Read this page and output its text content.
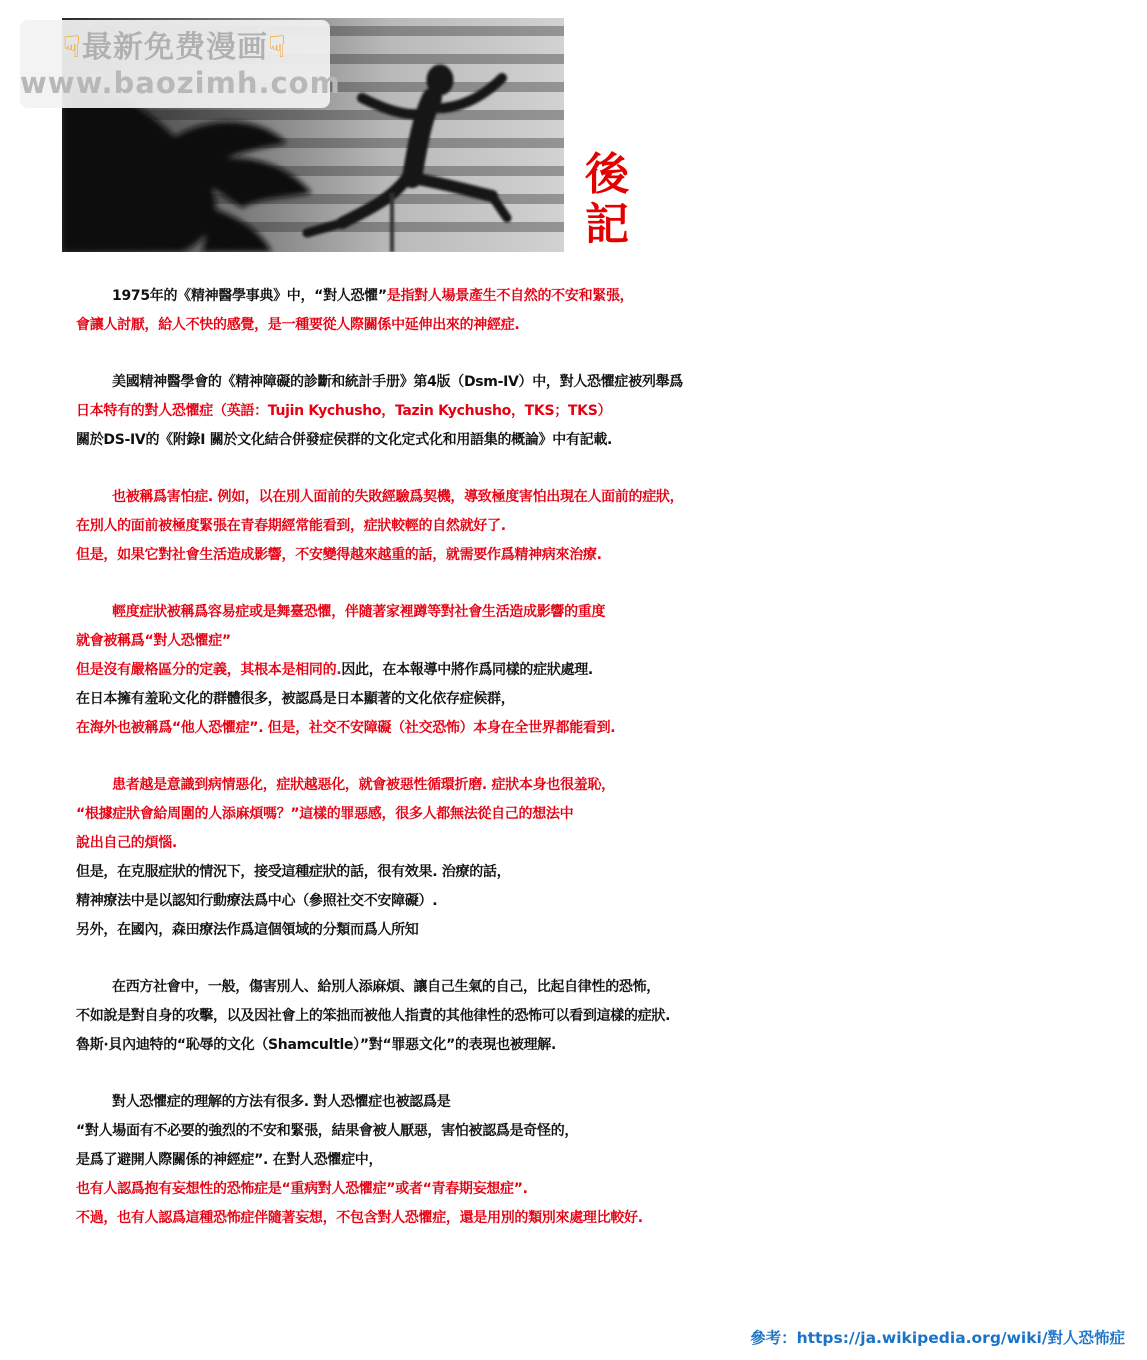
☟最新免费漫画☟
www.baozimh.com
後
記
1975年的《精神醫學事典》中，“對人恐懼”是指對人場景產生不自然的不安和緊張，
會讓人討厭，給人不快的感覺，是一種要從人際關係中延伸出來的神經症.
美國精神醫學會的《精神障礙的診斷和統計手册》第4版（Dsm-IV）中，對人恐懼症被列舉爲
日本特有的對人恐懼症（英語：Tujin Kychusho，Tazin Kychusho，TKS；TKS）
關於DS-IV的《附錄I 關於文化結合併發症侯群的文化定式化和用語集的概論》中有記載.
也被稱爲害怕症. 例如，以在別人面前的失敗經驗爲契機，導致極度害怕出現在人面前的症狀，
在別人的面前被極度緊張在青春期經常能看到，症狀較輕的自然就好了.
但是，如果它對社會生活造成影響，不安變得越來越重的話，就需要作爲精神病來治療.
輕度症狀被稱爲容易症或是舞臺恐懼，伴隨著家裡蹲等對社會生活造成影響的重度
就會被稱爲“對人恐懼症”
但是沒有嚴格區分的定義，其根本是相同的.因此，在本報導中將作爲同樣的症狀處理.
在日本擁有羞恥文化的群體很多，被認爲是日本顯著的文化依存症候群，
在海外也被稱爲“他人恐懼症”. 但是，社交不安障礙（社交恐怖）本身在全世界都能看到.
患者越是意識到病情惡化，症狀越惡化，就會被惡性循環折磨. 症狀本身也很羞恥，
“根據症狀會給周圍的人添麻煩嗎？”這樣的罪惡感，很多人都無法從自己的想法中
說出自己的煩惱.
但是，在克服症狀的情況下，接受這種症狀的話，很有效果. 治療的話，
精神療法中是以認知行動療法爲中心（參照社交不安障礙）.
另外，在國內，森田療法作爲這個領域的分類而爲人所知
在西方社會中，一般，傷害別人、給別人添麻煩、讓自己生氣的自己，比起自律性的恐怖，
不如說是對自身的攻擊，以及因社會上的笨拙而被他人指責的其他律性的恐怖可以看到這樣的症狀.
魯斯·貝內迪特的“恥辱的文化（Shamcultle）”對“罪惡文化”的表現也被理解.
對人恐懼症的理解的方法有很多. 對人恐懼症也被認爲是
“對人場面有不必要的強烈的不安和緊張，結果會被人厭惡，害怕被認爲是奇怪的，
是爲了避開人際關係的神經症”. 在對人恐懼症中，
也有人認爲抱有妄想性的恐怖症是“重病對人恐懼症”或者“青春期妄想症”.
不過，也有人認爲這種恐怖症伴隨著妄想，不包含對人恐懼症，還是用別的類別來處理比較好.
參考：https://ja.wikipedia.org/wiki/對人恐怖症
